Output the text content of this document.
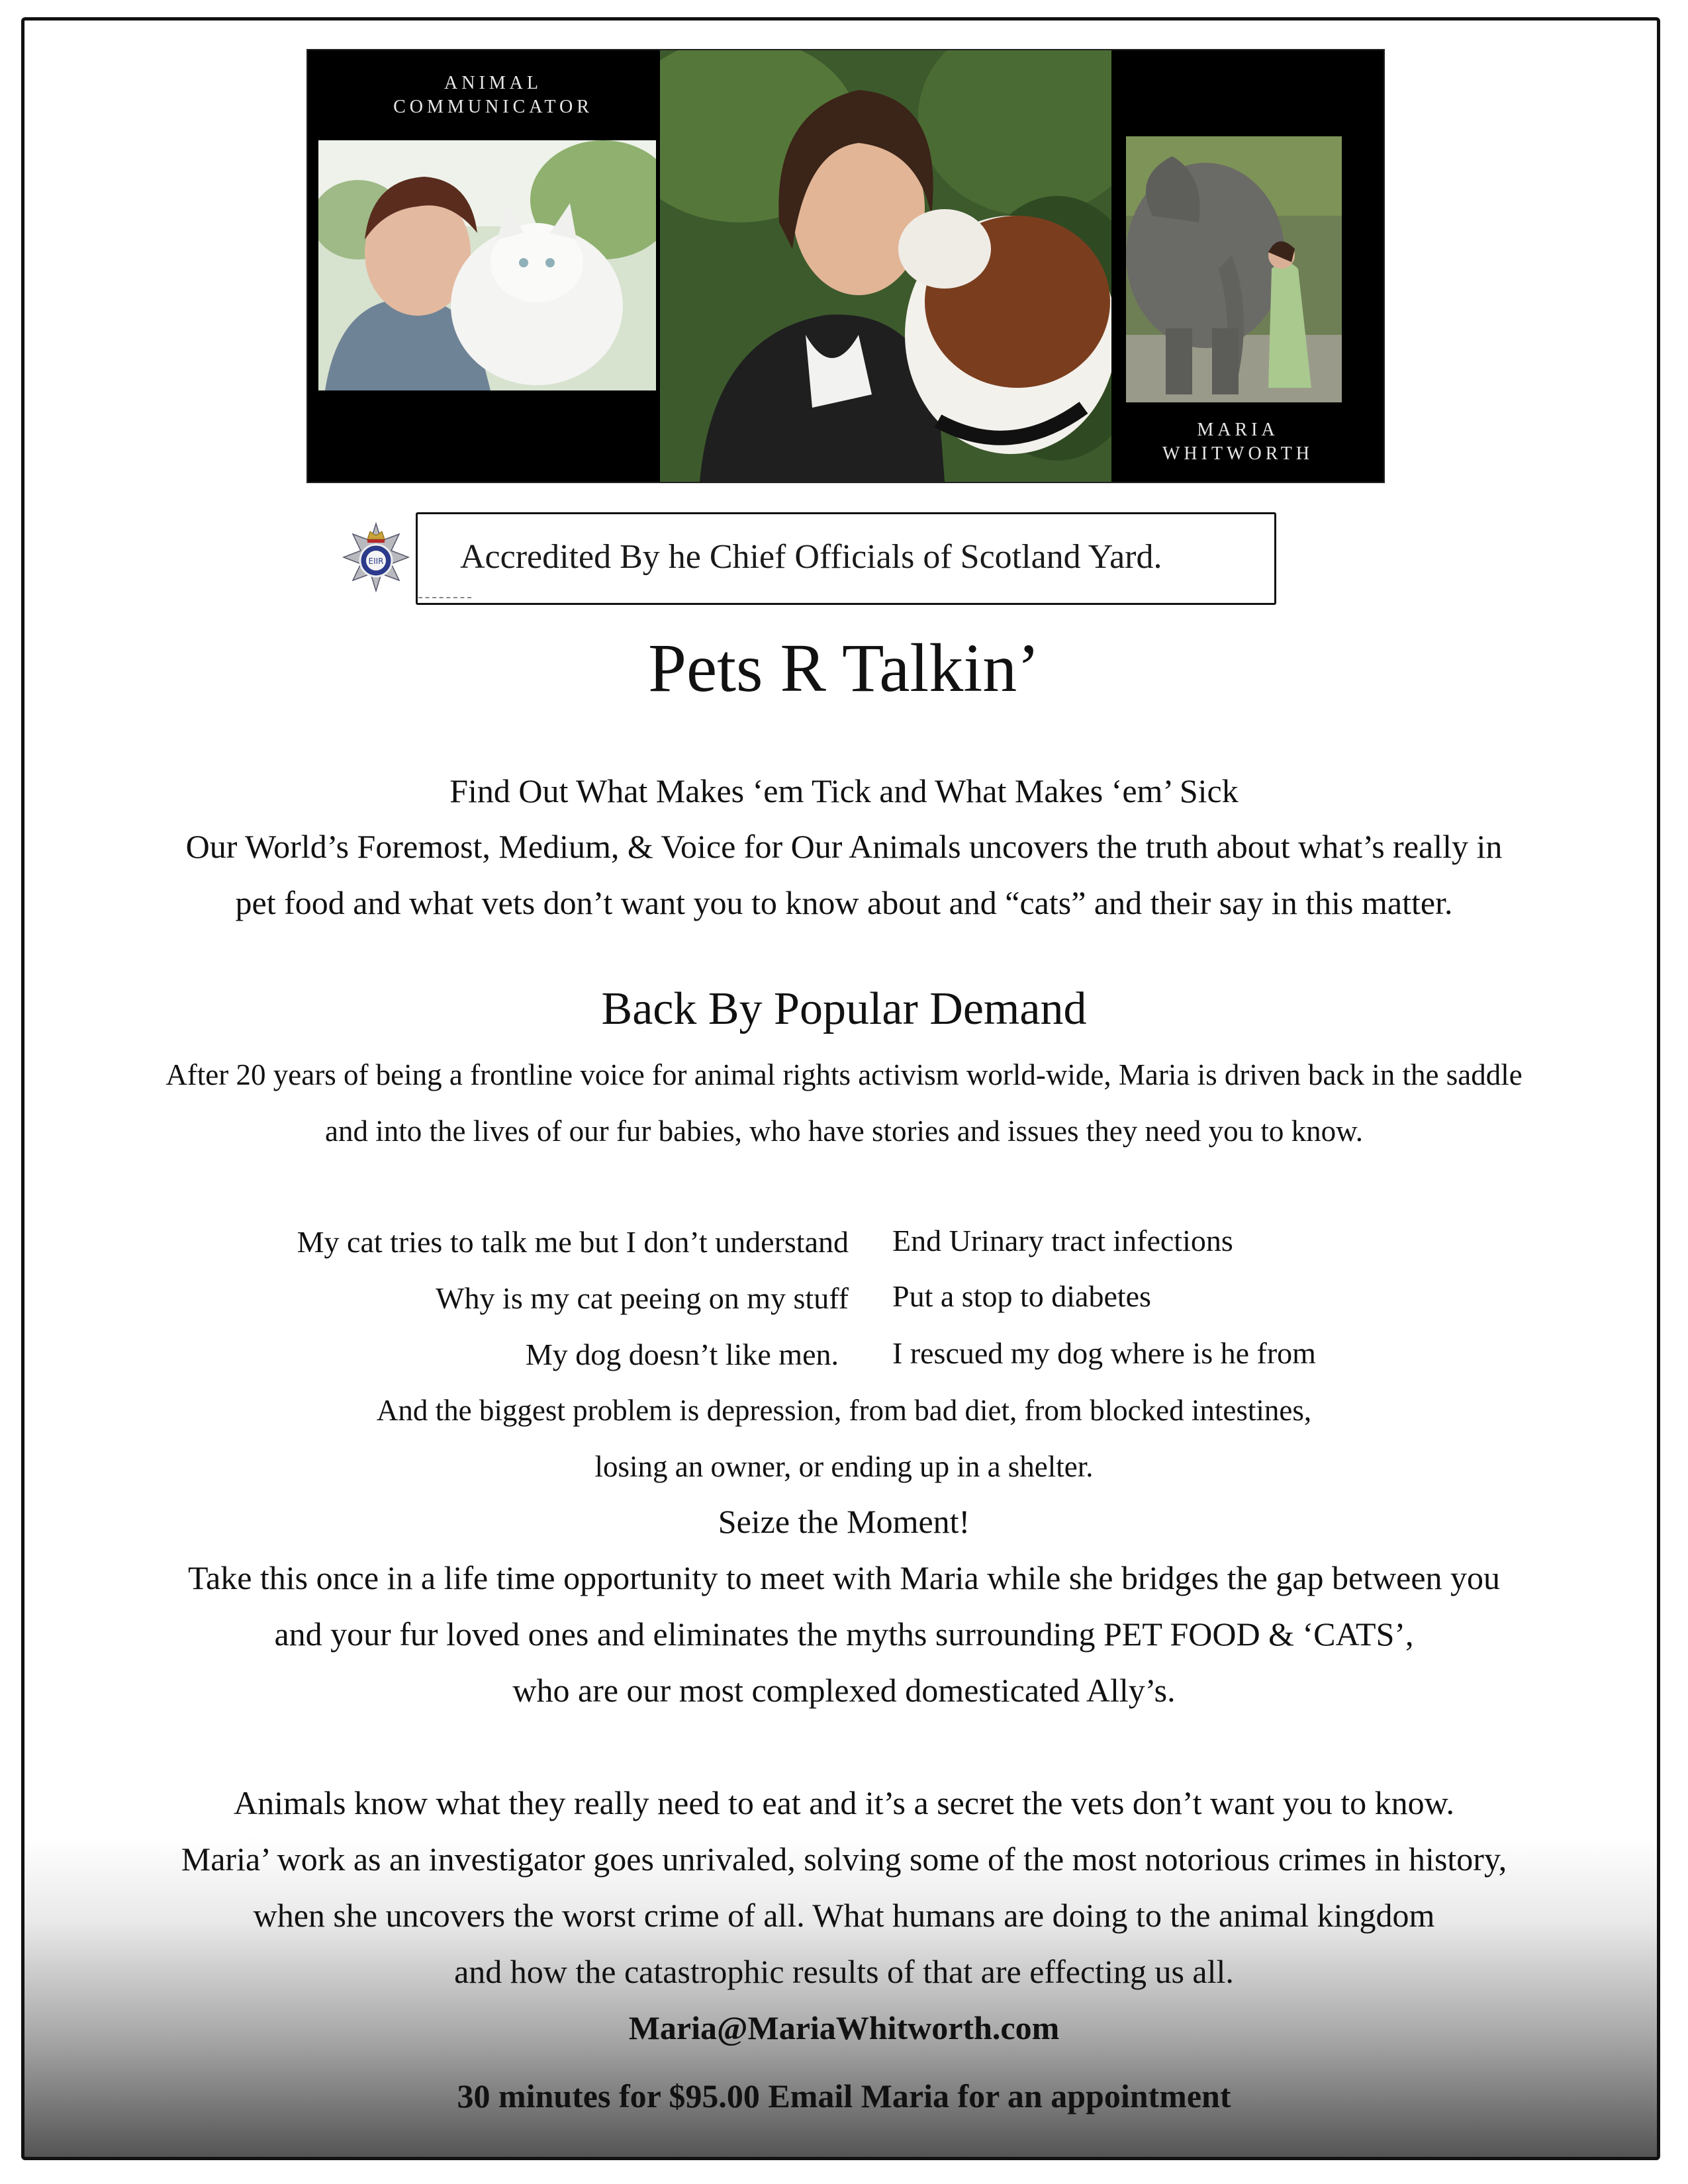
ANIMAL
COMMUNICATOR
MARIA
WHITWORTH
EIIR Accredited By he Chief Officials of Scotland Yard.
Pets R Talkin’
Find Out What Makes ‘em Tick and What Makes ‘em’ Sick
Our World’s Foremost, Medium, & Voice for Our Animals uncovers the truth about what’s really in
pet food and what vets don’t want you to know about and “cats” and their say in this matter.
Back By Popular Demand
After 20 years of being a frontline voice for animal rights activism world-wide, Maria is driven back in the saddle
and into the lives of our fur babies, who have stories and issues they need you to know.
My cat tries to talk me but I don’t understand
Why is my cat peeing on my stuff
My dog doesn’t like men.
End Urinary tract infections
Put a stop to diabetes
I rescued my dog where is he from
And the biggest problem is depression, from bad diet, from blocked intestines,
losing an owner, or ending up in a shelter.
Seize the Moment!
Take this once in a life time opportunity to meet with Maria while she bridges the gap between you
and your fur loved ones and eliminates the myths surrounding PET FOOD & ‘CATS’,
who are our most complexed domesticated Ally’s.
Animals know what they really need to eat and it’s a secret the vets don’t want you to know.
Maria’ work as an investigator goes unrivaled, solving some of the most notorious crimes in history,
when she uncovers the worst crime of all. What humans are doing to the animal kingdom
and how the catastrophic results of that are effecting us all.
Maria@MariaWhitworth.com
30 minutes for $95.00 Email Maria for an appointment
